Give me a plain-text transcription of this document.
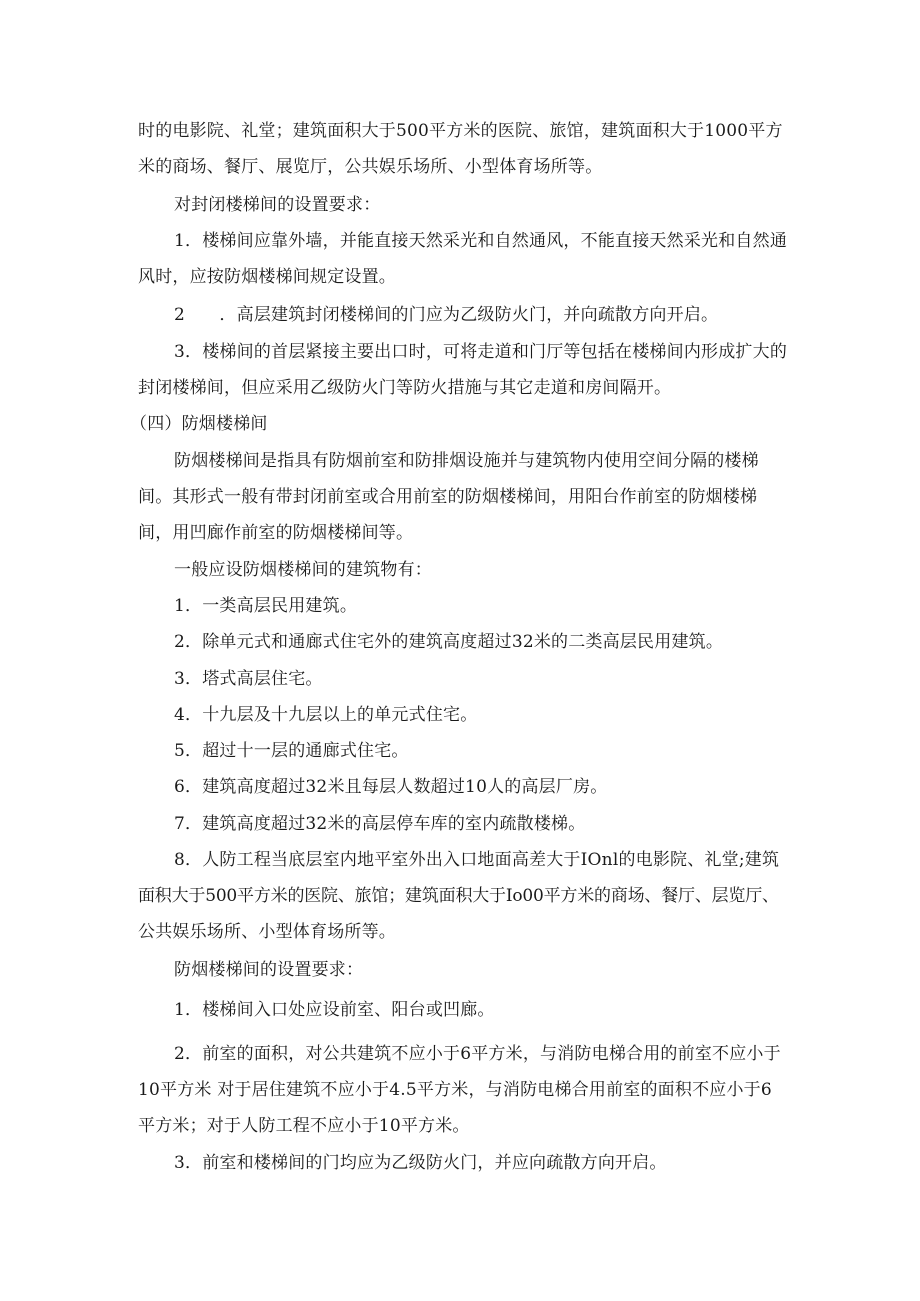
时的电影院、礼堂；建筑面积大于500平方米的医院、旅馆，建筑面积大于1000平方
米的商场、餐厅、展览厅，公共娱乐场所、小型体育场所等。
对封闭楼梯间的设置要求：
1．楼梯间应靠外墙，并能直接天然采光和自然通风，不能直接天然采光和自然通
风时，应按防烟楼梯间规定设置。
2　　．高层建筑封闭楼梯间的门应为乙级防火门，并向疏散方向开启。
3．楼梯间的首层紧接主要出口时，可将走道和门厅等包括在楼梯间内形成扩大的
封闭楼梯间，但应采用乙级防火门等防火措施与其它走道和房间隔开。
（四）防烟楼梯间
防烟楼梯间是指具有防烟前室和防排烟设施并与建筑物内使用空间分隔的楼梯
间。其形式一般有带封闭前室或合用前室的防烟楼梯间，用阳台作前室的防烟楼梯
间，用凹廊作前室的防烟楼梯间等。
一般应设防烟楼梯间的建筑物有：
1．一类高层民用建筑。
2．除单元式和通廊式住宅外的建筑高度超过32米的二类高层民用建筑。
3．塔式高层住宅。
4．十九层及十九层以上的单元式住宅。
5．超过十一层的通廊式住宅。
6．建筑高度超过32米且每层人数超过10人的高层厂房。
7．建筑高度超过32米的高层停车库的室内疏散楼梯。
8．人防工程当底层室内地平室外出入口地面高差大于IOnl的电影院、礼堂;建筑
面积大于500平方米的医院、旅馆；建筑面积大于Io00平方米的商场、餐厅、层览厅、
公共娱乐场所、小型体育场所等。
防烟楼梯间的设置要求：
1．楼梯间入口处应设前室、阳台或凹廊。
2．前室的面积，对公共建筑不应小于6平方米，与消防电梯合用的前室不应小于
10平方米 对于居住建筑不应小于4.5平方米，与消防电梯合用前室的面积不应小于6
平方米；对于人防工程不应小于10平方米。
3．前室和楼梯间的门均应为乙级防火门，并应向疏散方向开启。
